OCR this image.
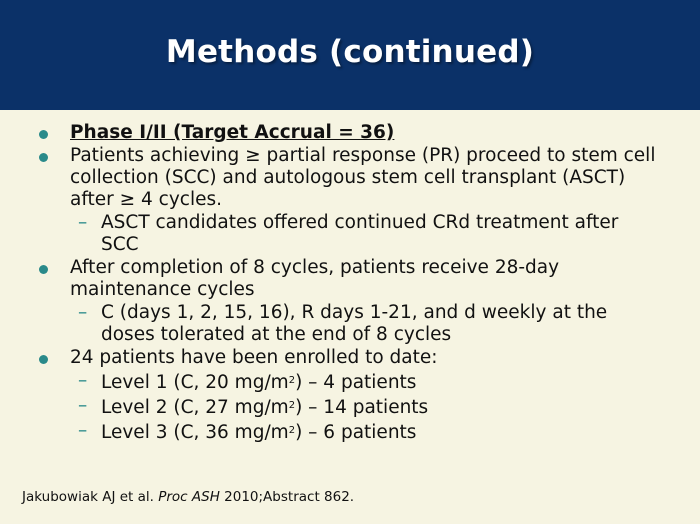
Methods (continued)
Phase I/II (Target Accrual = 36)
Patients achieving ≥ partial response (PR) proceed to stem cell collection (SCC) and autologous stem cell transplant (ASCT) after ≥ 4 cycles.
– ASCT candidates offered continued CRd treatment after SCC
After completion of 8 cycles, patients receive 28-day maintenance cycles
– C (days 1, 2, 15, 16), R days 1-21, and d weekly at the doses tolerated at the end of 8 cycles
24 patients have been enrolled to date:
– Level 1 (C, 20 $mg/m^2) - 4$ patients
– Level 2 (C, 27 $mg/m^2) - 14$ patients
– Level 3 (C, 36 $mg/m^2) - 6$ patients
Jakubowiak AJ et al. Proc ASH 2010;Abstract 862.
